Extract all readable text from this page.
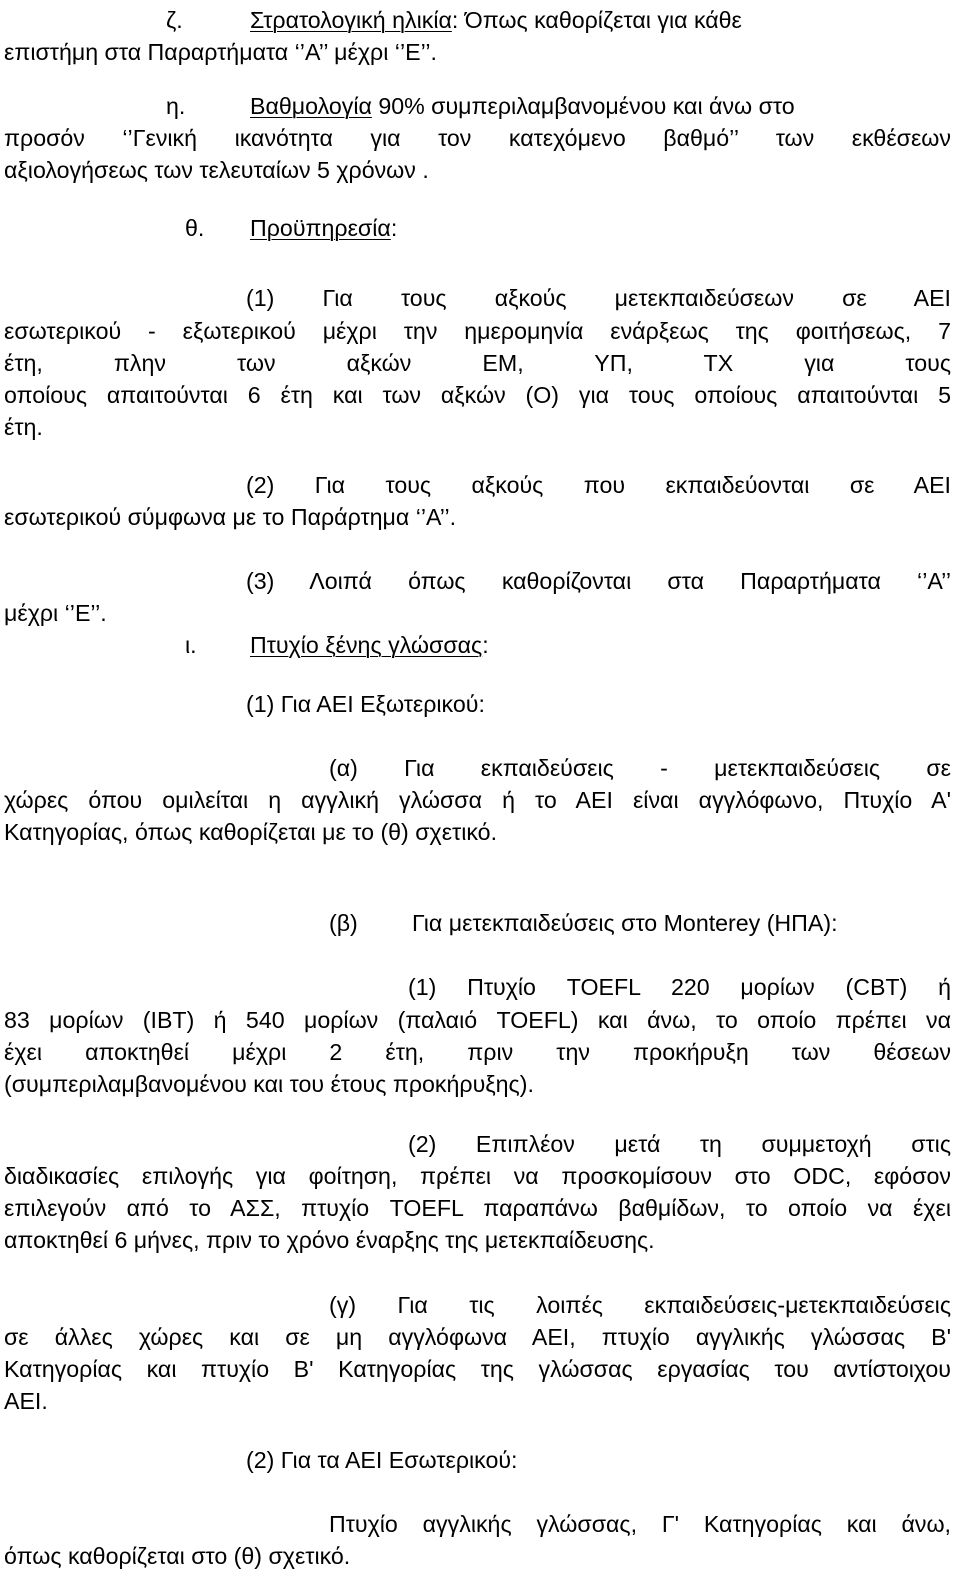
ζ.	Στρατολογική ηλικία: Όπως καθορίζεται για κάθε
επιστήμη στα Παραρτήματα ‘’Α’’ μέχρι ‘’Ε’’.
η.	Βαθμολογία 90% συμπεριλαμβανομένου και άνω στο
προσόν ‘’Γενική ικανότητα για τον κατεχόμενο βαθμό’’ των εκθέσεων
αξιολογήσεως των τελευταίων 5 χρόνων .
θ. Προϋπηρεσία:
(1) Για τους αξκούς μετεκπαιδεύσεων σε ΑΕΙ
εσωτερικού - εξωτερικού μέχρι την ημερομηνία ενάρξεως της φοιτήσεως, 7
έτη, πλην των αξκών ΕΜ, ΥΠ, ΤΧ για τους
οποίους απαιτούνται 6 έτη και των αξκών (Ο) για τους οποίους απαιτούνται 5
έτη.
(2) Για τους αξκούς που εκπαιδεύονται σε ΑΕΙ
εσωτερικού σύμφωνα με το Παράρτημα ‘’Α’’.
(3) Λοιπά όπως καθορίζονται στα Παραρτήματα ‘’Α’’
μέχρι ‘’Ε’’.
ι. Πτυχίο ξένης γλώσσας:
(1) Για ΑΕΙ Εξωτερικού:
(α) Για εκπαιδεύσεις - μετεκπαιδεύσεις σε
χώρες όπου ομιλείται η αγγλική γλώσσα ή το ΑΕΙ είναι αγγλόφωνο, Πτυχίο Α'
Κατηγορίας, όπως καθορίζεται με το (θ) σχετικό.
(β) Για μετεκπαιδεύσεις στο Monterey (ΗΠΑ):
(1) Πτυχίο TOEFL 220 μορίων (CBT) ή
83 μορίων (IBT) ή 540 μορίων (παλαιό TOEFL) και άνω, το οποίο πρέπει να
έχει αποκτηθεί μέχρι 2 έτη, πριν την προκήρυξη των θέσεων
(συμπεριλαμβανομένου και του έτους προκήρυξης).
(2) Επιπλέον μετά τη συμμετοχή στις
διαδικασίες επιλογής για φοίτηση, πρέπει να προσκομίσουν στο ODC, εφόσον
επιλεγούν από το ΑΣΣ, πτυχίο TOEFL παραπάνω βαθμίδων, το οποίο να έχει
αποκτηθεί 6 μήνες, πριν το χρόνο έναρξης της μετεκπαίδευσης.
(γ) Για τις λοιπές εκπαιδεύσεις-μετεκπαιδεύσεις
σε άλλες χώρες και σε μη αγγλόφωνα ΑΕΙ, πτυχίο αγγλικής γλώσσας Β'
Κατηγορίας και πτυχίο Β' Κατηγορίας της γλώσσας εργασίας του αντίστοιχου
ΑΕΙ.
(2) Για τα ΑΕΙ Εσωτερικού:
Πτυχίο αγγλικής γλώσσας, Γ' Κατηγορίας και άνω,
όπως καθορίζεται στο (θ) σχετικό.
